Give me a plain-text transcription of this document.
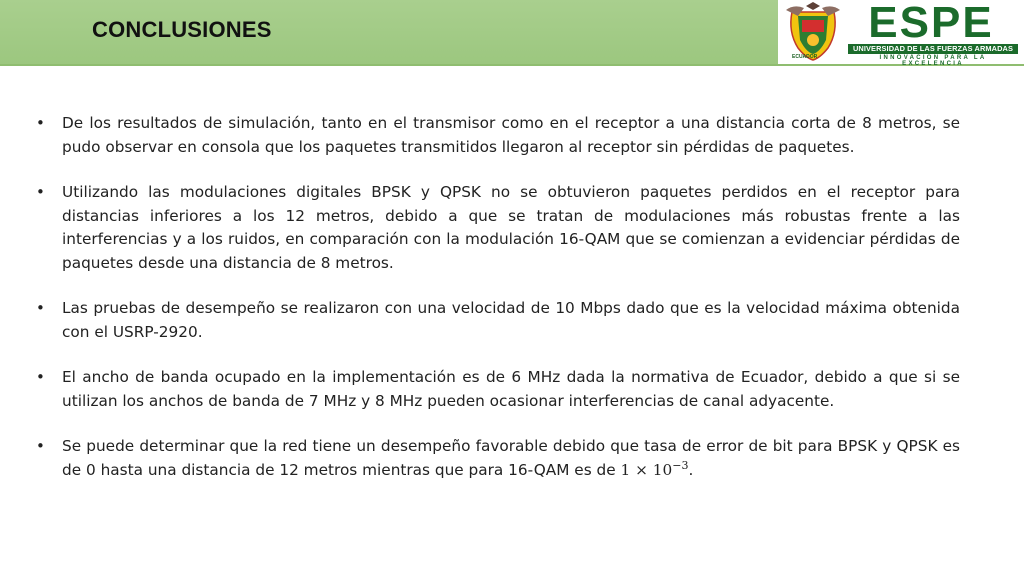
CONCLUSIONES
ECUADOR
ESPE
UNIVERSIDAD DE LAS FUERZAS ARMADAS
INNOVACIÓN PARA LA EXCELENCIA
• De los resultados de simulación, tanto en el transmisor como en el receptor a una distancia corta de 8 metros, se pudo observar en consola que los paquetes transmitidos llegaron al receptor sin pérdidas de paquetes.
• Utilizando las modulaciones digitales BPSK y QPSK no se obtuvieron paquetes perdidos en el receptor para distancias inferiores a los 12 metros, debido a que se tratan de modulaciones más robustas frente a las interferencias y a los ruidos, en comparación con la modulación 16-QAM que se comienzan a evidenciar pérdidas de paquetes desde una distancia de 8 metros.
• Las pruebas de desempeño se realizaron con una velocidad de 10 Mbps dado que es la velocidad máxima obtenida con el USRP-2920.
• El ancho de banda ocupado en la implementación es de 6 MHz dada la normativa de Ecuador, debido a que si se utilizan los anchos de banda de 7 MHz y 8 MHz pueden ocasionar interferencias de canal adyacente.
• Se puede determinar que la red tiene un desempeño favorable debido que tasa de error de bit para BPSK y QPSK es de 0 hasta una distancia de 12 metros mientras que para 16-QAM es de $1 \times 10^{-3}$.
